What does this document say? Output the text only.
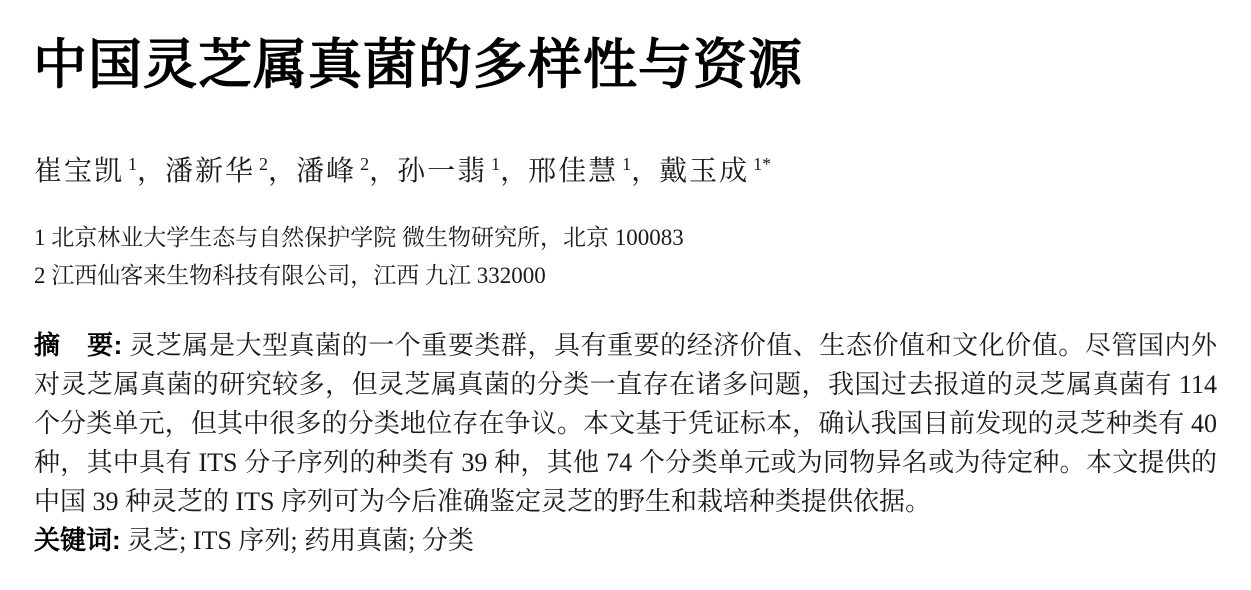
中国灵芝属真菌的多样性与资源
崔宝凯 $^1$，潘新华 $^2$，潘峰 $^2$，孙一翡 $^1$，邢佳慧 $^1$，戴玉成 $^{1*}$
1 北京林业大学生态与自然保护学院 微生物研究所，北京 100083
2 江西仙客来生物科技有限公司，江西 九江 332000

摘　要: 灵芝属是大型真菌的一个重要类群，具有重要的经济价值、生态价值和文化价值。尽管国内外对灵芝属真菌的研究较多，但灵芝属真菌的分类一直存在诸多问题，我国过去报道的灵芝属真菌有 114 个分类单元，但其中很多的分类地位存在争议。本文基于凭证标本，确认我国目前发现的灵芝种类有 40 种，其中具有 ITS 分子序列的种类有 39 种，其他 74 个分类单元或为同物异名或为待定种。本文提供的中国 39 种灵芝的 ITS 序列可为今后准确鉴定灵芝的野生和栽培种类提供依据。

关键词: 灵芝; ITS 序列; 药用真菌; 分类
